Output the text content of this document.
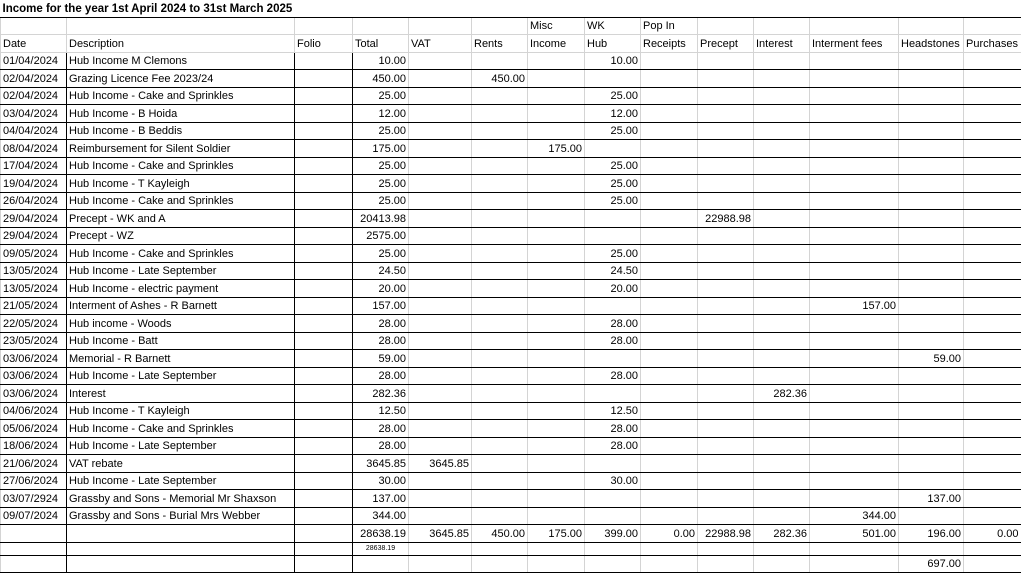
Income for the year 1st April 2024 to 31st March 2025													
						Misc	WK	Pop In					
Date	Description	Folio	Total	VAT	Rents	Income	Hub	Receipts	Precept	Interest	Interment fees	Headstones	Purchases
01/04/2024	Hub Income M Clemons		10.00				10.00						
02/04/2024	Grazing Licence Fee 2023/24		450.00		450.00								
02/04/2024	Hub Income - Cake and Sprinkles		25.00				25.00						
03/04/2024	Hub Income - B Hoida		12.00				12.00						
04/04/2024	Hub Income - B Beddis		25.00				25.00						
08/04/2024	Reimbursement for Silent Soldier		175.00			175.00							
17/04/2024	Hub Income - Cake and Sprinkles		25.00				25.00						
19/04/2024	Hub Income - T Kayleigh		25.00				25.00						
26/04/2024	Hub Income - Cake and Sprinkles		25.00				25.00						
29/04/2024	Precept - WK and A		20413.98						22988.98				
29/04/2024	Precept - WZ		2575.00										
09/05/2024	Hub Income - Cake and Sprinkles		25.00				25.00						
13/05/2024	Hub Income - Late September		24.50				24.50						
13/05/2024	Hub Income - electric payment		20.00				20.00						
21/05/2024	Interment of Ashes - R Barnett		157.00								157.00		
22/05/2024	Hub income - Woods		28.00				28.00						
23/05/2024	Hub Income - Batt		28.00				28.00						
03/06/2024	Memorial - R Barnett		59.00									59.00	
03/06/2024	Hub Income - Late September		28.00				28.00						
03/06/2024	Interest		282.36							282.36			
04/06/2024	Hub Income - T Kayleigh		12.50				12.50						
05/06/2024	Hub Income - Cake and Sprinkles		28.00				28.00						
18/06/2024	Hub Income - Late September		28.00				28.00						
21/06/2024	VAT rebate		3645.85	3645.85									
27/06/2024	Hub Income - Late September		30.00				30.00						
03/07/2924	Grassby and Sons - Memorial Mr Shaxson		137.00									137.00	
09/07/2024	Grassby and Sons - Burial Mrs Webber		344.00								344.00		
			28638.19	3645.85	450.00	175.00	399.00	0.00	22988.98	282.36	501.00	196.00	0.00
			28638.19										
												697.00	
